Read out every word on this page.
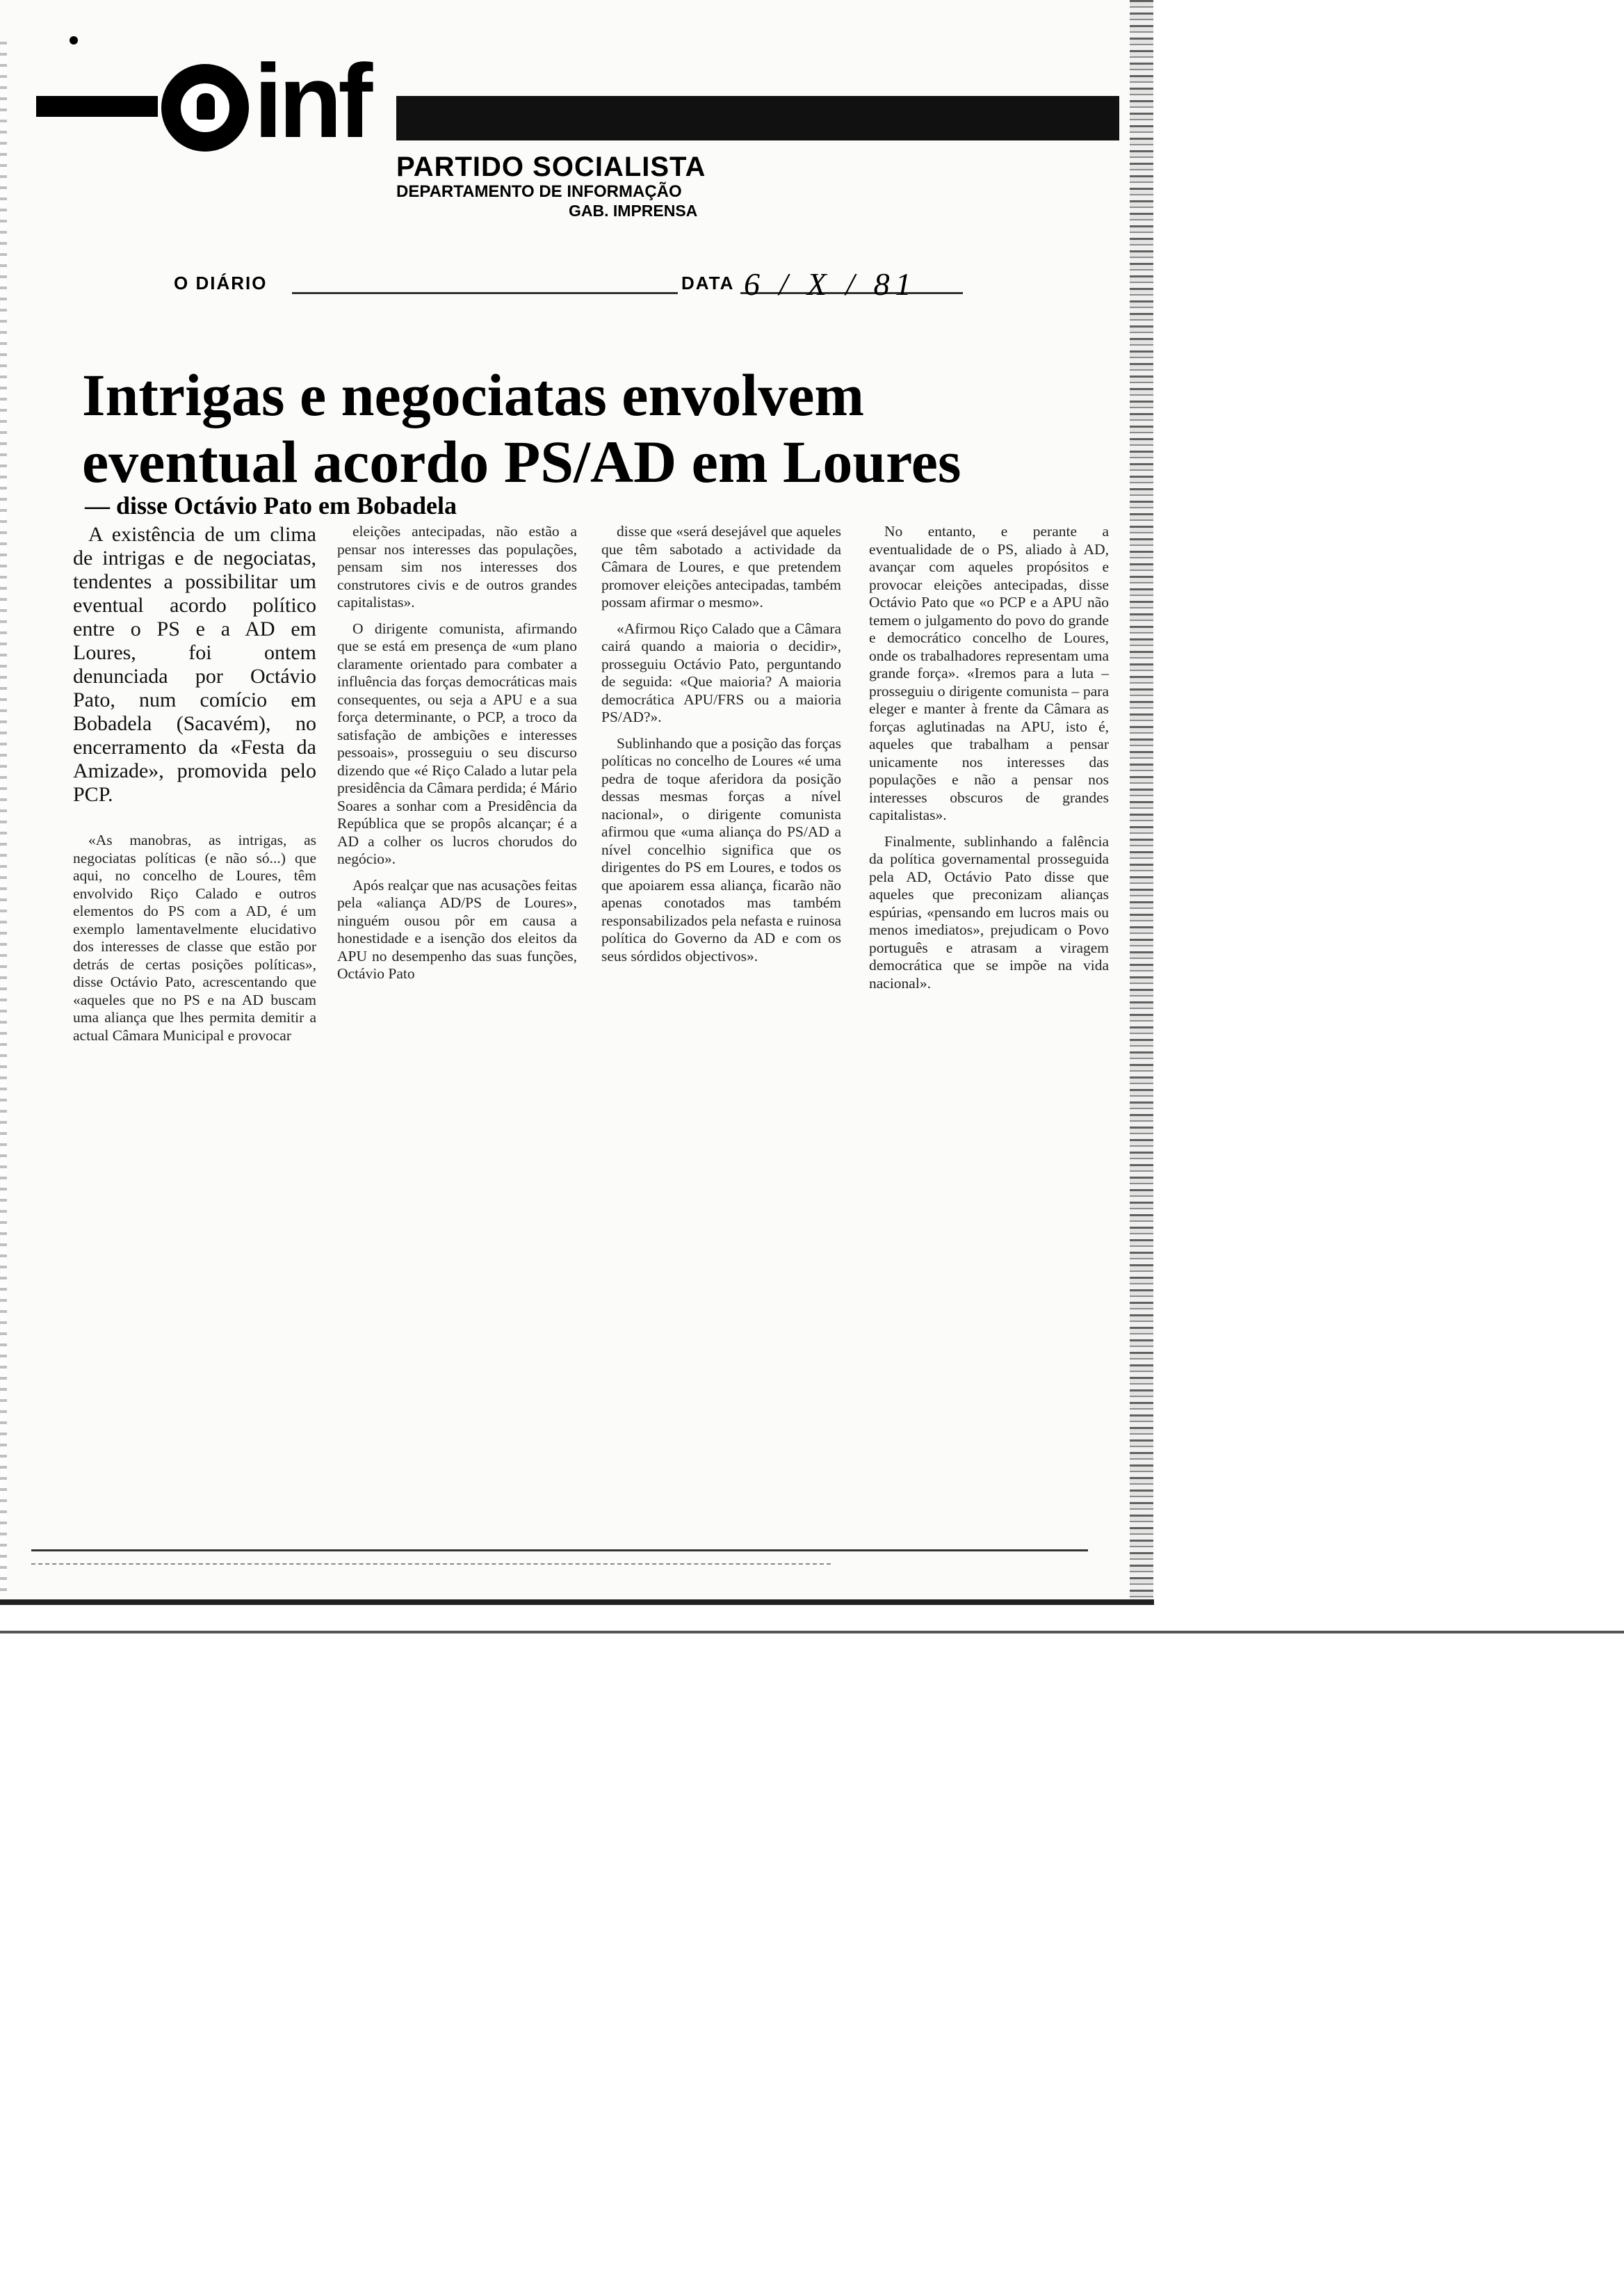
inf
PARTIDO SOCIALISTA
DEPARTAMENTO DE INFORMAÇÃO
GAB. IMPRENSA
O DIÁRIO	DATA 6 / X / 81
Intrigas e negociatas envolvem
eventual acordo PS/AD em Loures
— disse Octávio Pato em Bobadela

A existência de um clima de intrigas e de negociatas, tendentes a possibilitar um eventual acordo político entre o PS e a AD em Loures, foi ontem denunciada por Octávio Pato, num comício em Bobadela (Sacavém), no encerramento da «Festa da Amizade», promovida pelo PCP.

«As manobras, as intrigas, as negociatas políticas (e não só...) que aqui, no concelho de Loures, têm envolvido Riço Calado e outros elementos do PS com a AD, é um exemplo lamentavelmente elucidativo dos interesses de classe que estão por detrás de certas posições políticas», disse Octávio Pato, acrescentando que «aqueles que no PS e na AD buscam uma aliança que lhes permita demitir a actual Câmara Municipal e provocar

eleições antecipadas, não estão a pensar nos interesses das populações, pensam sim nos interesses dos construtores civis e de outros grandes capitalistas».

O dirigente comunista, afirmando que se está em presença de «um plano claramente orientado para combater a influência das forças democráticas mais consequentes, ou seja a APU e a sua força determinante, o PCP, a troco da satisfação de ambições e interesses pessoais», prosseguiu o seu discurso dizendo que «é Riço Calado a lutar pela presidência da Câmara perdida; é Mário Soares a sonhar com a Presidência da República que se propôs alcançar; é a AD a colher os lucros chorudos do negócio».

Após realçar que nas acusações feitas pela «aliança AD/PS de Loures», ninguém ousou pôr em causa a honestidade e a isenção dos eleitos da APU no desempenho das suas funções, Octávio Pato

disse que «será desejável que aqueles que têm sabotado a actividade da Câmara de Loures, e que pretendem promover eleições antecipadas, também possam afirmar o mesmo».

«Afirmou Riço Calado que a Câmara cairá quando a maioria o decidir», prosseguiu Octávio Pato, perguntando de seguida: «Que maioria? A maioria democrática APU/FRS ou a maioria PS/AD?».

Sublinhando que a posição das forças políticas no concelho de Loures «é uma pedra de toque aferidora da posição dessas mesmas forças a nível nacional», o dirigente comunista afirmou que «uma aliança do PS/AD a nível concelhio significa que os dirigentes do PS em Loures, e todos os que apoiarem essa aliança, ficarão não apenas conotados mas também responsabilizados pela nefasta e ruinosa política do Governo da AD e com os seus sórdidos objectivos».

No entanto, e perante a eventualidade de o PS, aliado à AD, avançar com aqueles propósitos e provocar eleições antecipadas, disse Octávio Pato que «o PCP e a APU não temem o julgamento do povo do grande e democrático concelho de Loures, onde os trabalhadores representam uma grande força». «Iremos para a luta – prosseguiu o dirigente comunista – para eleger e manter à frente da Câmara as forças aglutinadas na APU, isto é, aqueles que trabalham a pensar unicamente nos interesses das populações e não a pensar nos interesses obscuros de grandes capitalistas».

Finalmente, sublinhando a falência da política governamental prosseguida pela AD, Octávio Pato disse que aqueles que preconizam alianças espúrias, «pensando em lucros mais ou menos imediatos», prejudicam o Povo português e atrasam a viragem democrática que se impõe na vida nacional».
